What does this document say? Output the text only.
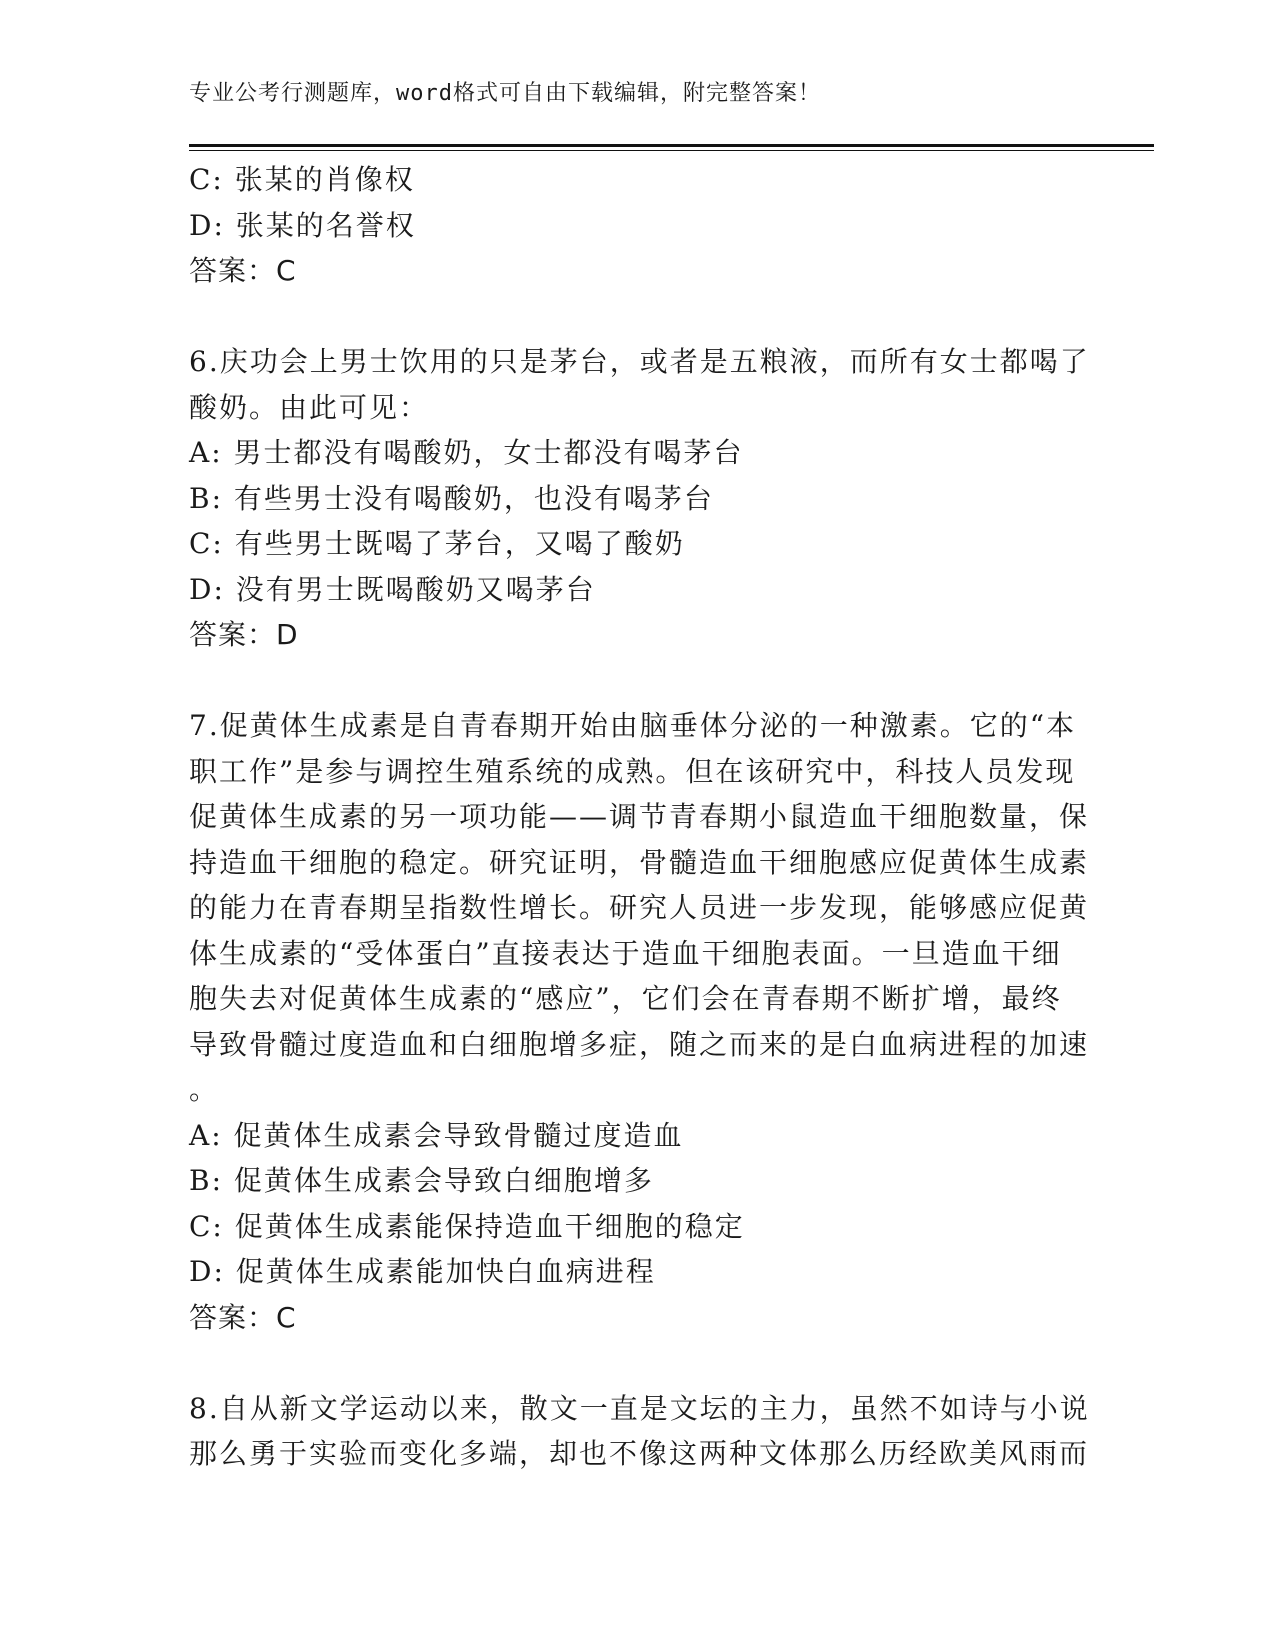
专业公考行测题库，word格式可自由下载编辑，附完整答案！
C: 张某的肖像权
D: 张某的名誉权
答案：C
6.庆功会上男士饮用的只是茅台，或者是五粮液，而所有女士都喝了
酸奶。由此可见：
A: 男士都没有喝酸奶，女士都没有喝茅台
B: 有些男士没有喝酸奶，也没有喝茅台
C: 有些男士既喝了茅台，又喝了酸奶
D: 没有男士既喝酸奶又喝茅台
答案：D
7.促黄体生成素是自青春期开始由脑垂体分泌的一种激素。它的“本
职工作”是参与调控生殖系统的成熟。但在该研究中，科技人员发现
促黄体生成素的另一项功能——调节青春期小鼠造血干细胞数量，保
持造血干细胞的稳定。研究证明，骨髓造血干细胞感应促黄体生成素
的能力在青春期呈指数性增长。研究人员进一步发现，能够感应促黄
体生成素的“受体蛋白”直接表达于造血干细胞表面。一旦造血干细
胞失去对促黄体生成素的“感应”，它们会在青春期不断扩增，最终
导致骨髓过度造血和白细胞增多症，随之而来的是白血病进程的加速
。
A: 促黄体生成素会导致骨髓过度造血
B: 促黄体生成素会导致白细胞增多
C: 促黄体生成素能保持造血干细胞的稳定
D: 促黄体生成素能加快白血病进程
答案：C
8.自从新文学运动以来，散文一直是文坛的主力，虽然不如诗与小说
那么勇于实验而变化多端，却也不像这两种文体那么历经欧美风雨而
